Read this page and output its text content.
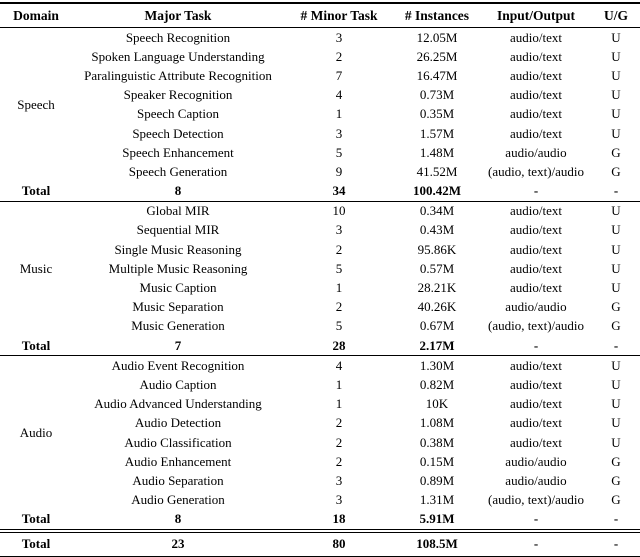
Domain	Major Task	# Minor Task	# Instances	Input/Output	U/G
Speech	Speech Recognition	3	12.05M	audio/text	U
	Spoken Language Understanding	2	26.25M	audio/text	U
	Paralinguistic Attribute Recognition	7	16.47M	audio/text	U
	Speaker Recognition	4	0.73M	audio/text	U
	Speech Caption	1	0.35M	audio/text	U
	Speech Detection	3	1.57M	audio/text	U
	Speech Enhancement	5	1.48M	audio/audio	G
	Speech Generation	9	41.52M	(audio, text)/audio	G
Total	8	34	100.42M	-	-
Music	Global MIR	10	0.34M	audio/text	U
	Sequential MIR	3	0.43M	audio/text	U
	Single Music Reasoning	2	95.86K	audio/text	U
	Multiple Music Reasoning	5	0.57M	audio/text	U
	Music Caption	1	28.21K	audio/text	U
	Music Separation	2	40.26K	audio/audio	G
	Music Generation	5	0.67M	(audio, text)/audio	G
Total	7	28	2.17M	-	-
Audio	Audio Event Recognition	4	1.30M	audio/text	U
	Audio Caption	1	0.82M	audio/text	U
	Audio Advanced Understanding	1	10K	audio/text	U
	Audio Detection	2	1.08M	audio/text	U
	Audio Classification	2	0.38M	audio/text	U
	Audio Enhancement	2	0.15M	audio/audio	G
	Audio Separation	3	0.89M	audio/audio	G
	Audio Generation	3	1.31M	(audio, text)/audio	G
Total	8	18	5.91M	-	-
Total	23	80	108.5M	-	-
